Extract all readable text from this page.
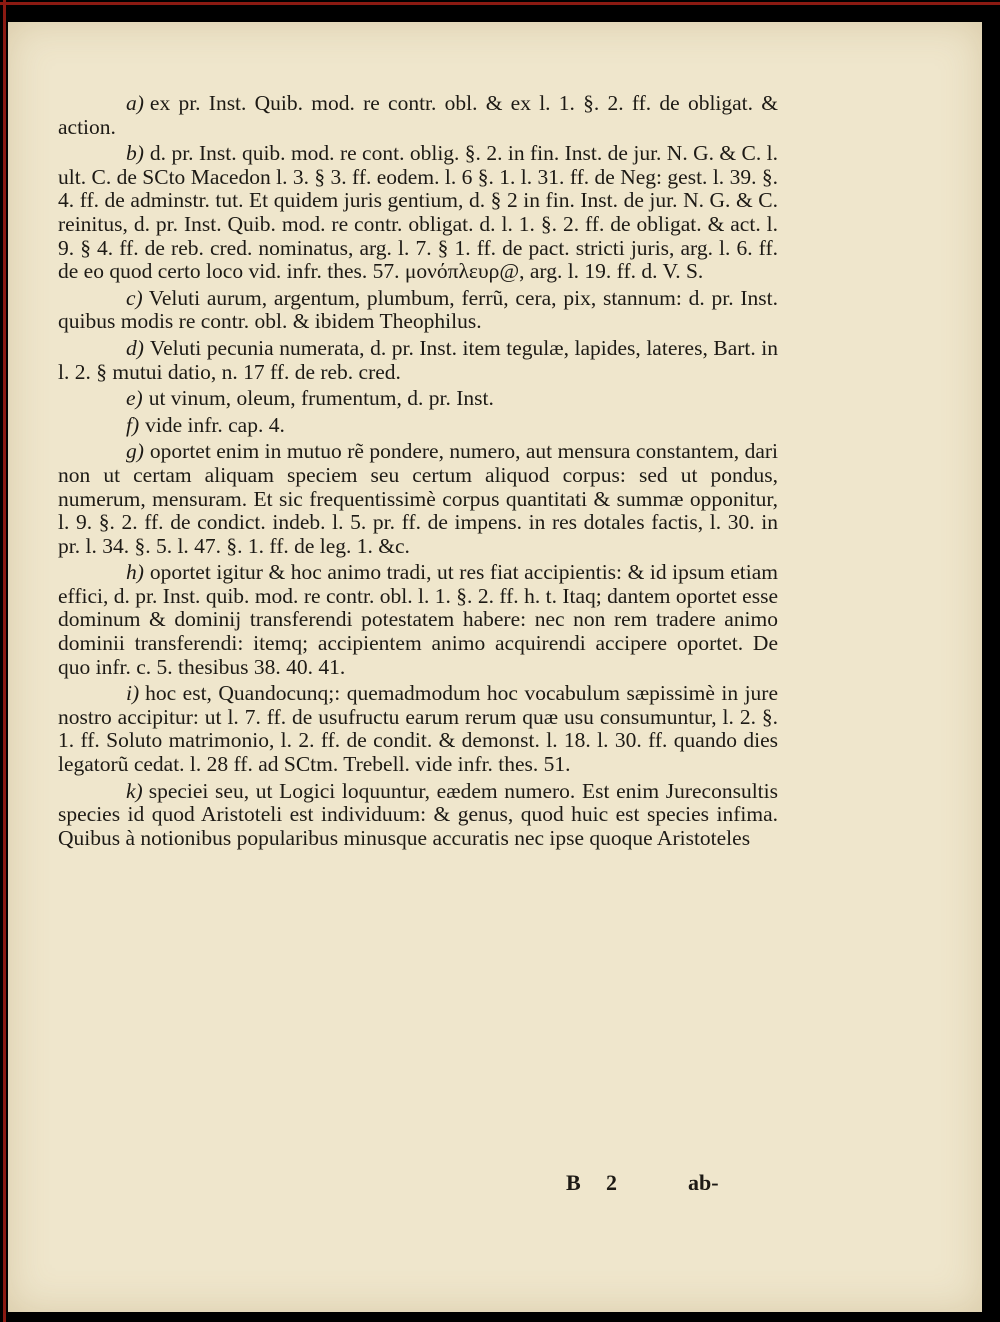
a) ex pr. Inst. Quib. mod. re contr. obl. & ex l. 1. §. 2. ff. de obligat. & action.

b) d. pr. Inst. quib. mod. re cont. oblig. §. 2. in fin. Inst. de jur. N. G. & C. l. ult. C. de SCto Macedon l. 3. § 3. ff. eodem. l. 6 §. 1. l. 31. ff. de Neg: gest. l. 39. §. 4. ff. de adminstr. tut. Et quidem juris gentium, d. § 2 in fin. Inst. de jur. N. G. & C. reinitus, d. pr. Inst. Quib. mod. re contr. obligat. d. l. 1. §. 2. ff. de obligat. & act. l. 9. § 4. ff. de reb. cred. nominatus, arg. l. 7. § 1. ff. de pact. stricti juris, arg. l. 6. ff. de eo quod certo loco vid. infr. thes. 57. μονόπλευρ@, arg. l. 19. ff. d. V. S.

c) Veluti aurum, argentum, plumbum, ferrũ, cera, pix, stannum: d. pr. Inst. quibus modis re contr. obl. & ibidem Theophilus.

d) Veluti pecunia numerata, d. pr. Inst. item tegulæ, lapides, lateres, Bart. in l. 2. § mutui datio, n. 17 ff. de reb. cred.

e) ut vinum, oleum, frumentum, d. pr. Inst.

f) vide infr. cap. 4.

g) oportet enim in mutuo rẽ pondere, numero, aut mensura constantem, dari non ut certam aliquam speciem seu certum aliquod corpus: sed ut pondus, numerum, mensuram. Et sic frequentissimè corpus quantitati & summæ opponitur, l. 9. §. 2. ff. de condict. indeb. l. 5. pr. ff. de impens. in res dotales factis, l. 30. in pr. l. 34. §. 5. l. 47. §. 1. ff. de leg. 1. &c.

h) oportet igitur & hoc animo tradi, ut res fiat accipientis: & id ipsum etiam effici, d. pr. Inst. quib. mod. re contr. obl. l. 1. §. 2. ff. h. t. Itaq; dantem oportet esse dominum & dominij transferendi potestatem habere: nec non rem tradere animo dominii transferendi: itemq; accipientem animo acquirendi accipere oportet. De quo infr. c. 5. thesibus 38. 40. 41.

i) hoc est, Quandocunq;: quemadmodum hoc vocabulum sæpissimè in jure nostro accipitur: ut l. 7. ff. de usufructu earum rerum quæ usu consumuntur, l. 2. §. 1. ff. Soluto matrimonio, l. 2. ff. de condit. & demonst. l. 18. l. 30. ff. quando dies legatorũ cedat. l. 28 ff. ad SCtm. Trebell. vide infr. thes. 51.

k) speciei seu, ut Logici loquuntur, eædem numero. Est enim Jureconsultis species id quod Aristoteli est individuum: & genus, quod huic est species infima. Quibus à notionibus popularibus minusque accuratis nec ipse quoque Aristoteles

B 2	ab-
